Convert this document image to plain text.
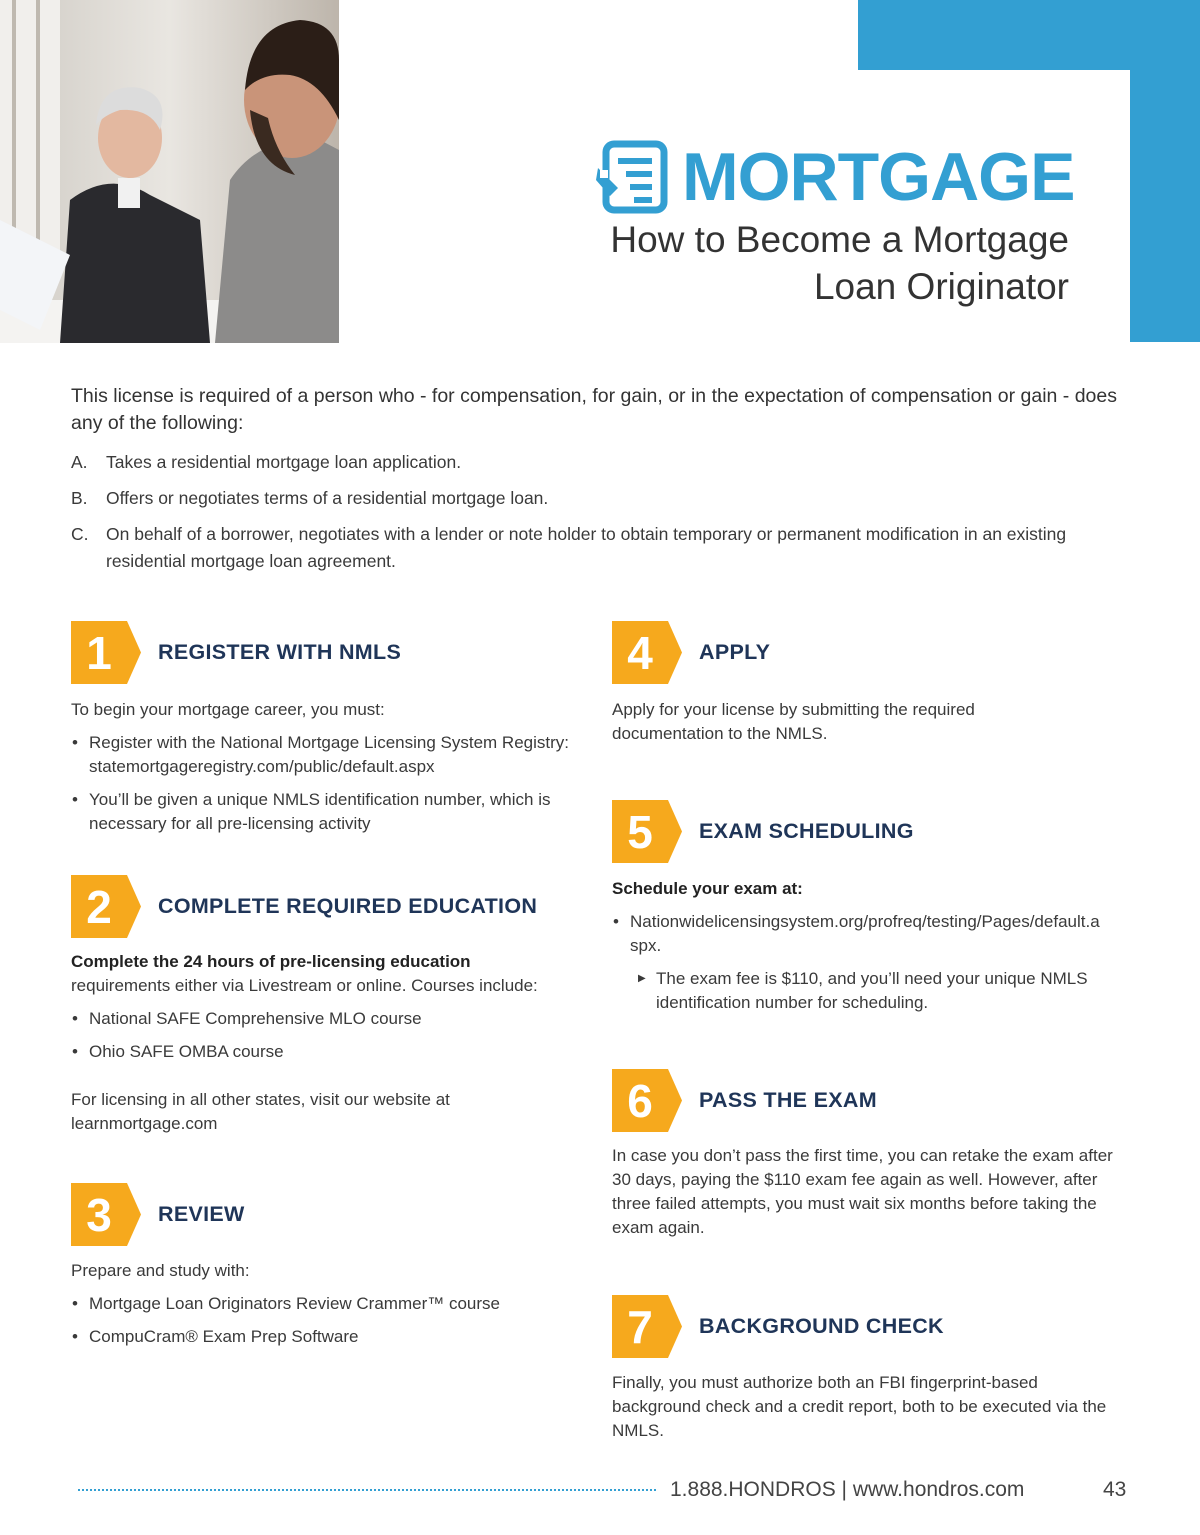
MORTGAGE
How to Become a Mortgage
Loan Originator

This license is required of a person who - for compensation, for gain, or in the expectation of compensation or gain - does any of the following:

A.	Takes a residential mortgage loan application.
B.	Offers or negotiates terms of a residential mortgage loan.
C.	On behalf of a borrower, negotiates with a lender or note holder to obtain temporary or permanent modification in an existing residential mortgage loan agreement.
1	REGISTER WITH NMLS

To begin your mortgage career, you must:

• Register with the National Mortgage Licensing System Registry: statemortgageregistry.com/public/default.aspx
• You’ll be given a unique NMLS identification number, which is necessary for all pre-licensing activity
2	COMPLETE REQUIRED EDUCATION

Complete the 24 hours of pre-licensing education
requirements either via Livestream or online. Courses include:

• National SAFE Comprehensive MLO course
• Ohio SAFE OMBA course

For licensing in all other states, visit our website at learnmortgage.com

3	REVIEW

Prepare and study with:

• Mortgage Loan Originators Review Crammer™ course
• CompuCram® Exam Prep Software
4	APPLY

Apply for your license by submitting the required documentation to the NMLS.

5	EXAM SCHEDULING

Schedule your exam at:

• Nationwidelicensingsystem.org/profreq/testing/Pages/default.aspx.
▶ The exam fee is $110, and you’ll need your unique NMLS identification number for scheduling.
6	PASS THE EXAM

In case you don’t pass the first time, you can retake the exam after 30 days, paying the $110 exam fee again as well. However, after three failed attempts, you must wait six months before taking the exam again.

7	BACKGROUND CHECK

Finally, you must authorize both an FBI fingerprint-based background check and a credit report, both to be executed via the NMLS.

1.888.HONDROS | www.hondros.com	43
